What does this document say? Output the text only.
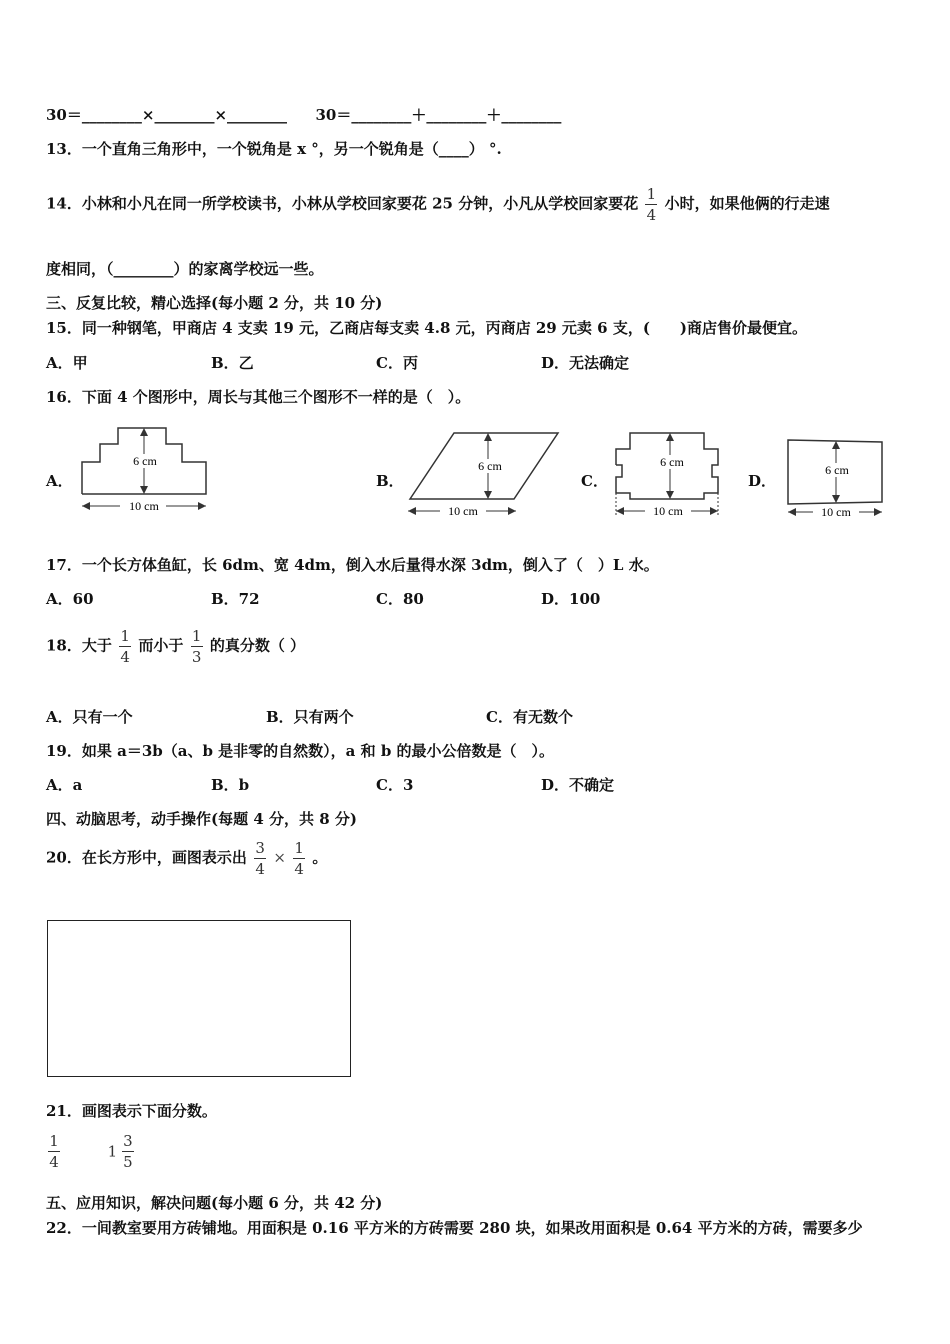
30＝________×________×________ 30＝________＋________＋________
13．一个直角三角形中，一个锐角是 x °，另一个锐角是（____） °.
14．小林和小凡在同一所学校读书，小林从学校回家要花 25 分钟，小凡从学校回家要花 $\frac{1}{4}$ 小时，如果他俩的行走速
度相同，（________）的家离学校远一些。
三、反复比较，精心选择(每小题 2 分，共 10 分)
15．同一种钢笔，甲商店 4 支卖 19 元，乙商店每支卖 4.8 元，丙商店 29 元卖 6 支，(　　)商店售价最便宜。
A．甲	B．乙	C．丙	D．无法确定
16．下面 4 个图形中，周长与其他三个图形不一样的是（　）。
A．
6 cm
10 cm
B．
6 cm
10 cm
C．
6 cm
10 cm
D．
6 cm
10 cm
17．一个长方体鱼缸，长 6dm、宽 4dm，倒入水后量得水深 3dm，倒入了（　）L 水。
A．60	B．72	C．80	D．100
18．大于 $\frac{1}{4}$ 而小于 $\frac{1}{3}$ 的真分数（ ）
A．只有一个	B．只有两个	C．有无数个
19．如果 a＝3b（a、b 是非零的自然数），a 和 b 的最小公倍数是（　）。
A．a	B．b	C．3	D．不确定
四、动脑思考，动手操作(每题 4 分，共 8 分)
20．在长方形中，画图表示出 $\frac{3}{4} \times \frac{1}{4}$ 。
21．画图表示下面分数。
$\frac{1}{4}$	$1 \frac{3}{5}$
五、应用知识，解决问题(每小题 6 分，共 42 分)
22．一间教室要用方砖铺地。用面积是 0.16 平方米的方砖需要 280 块，如果改用面积是 0.64 平方米的方砖，需要多少
